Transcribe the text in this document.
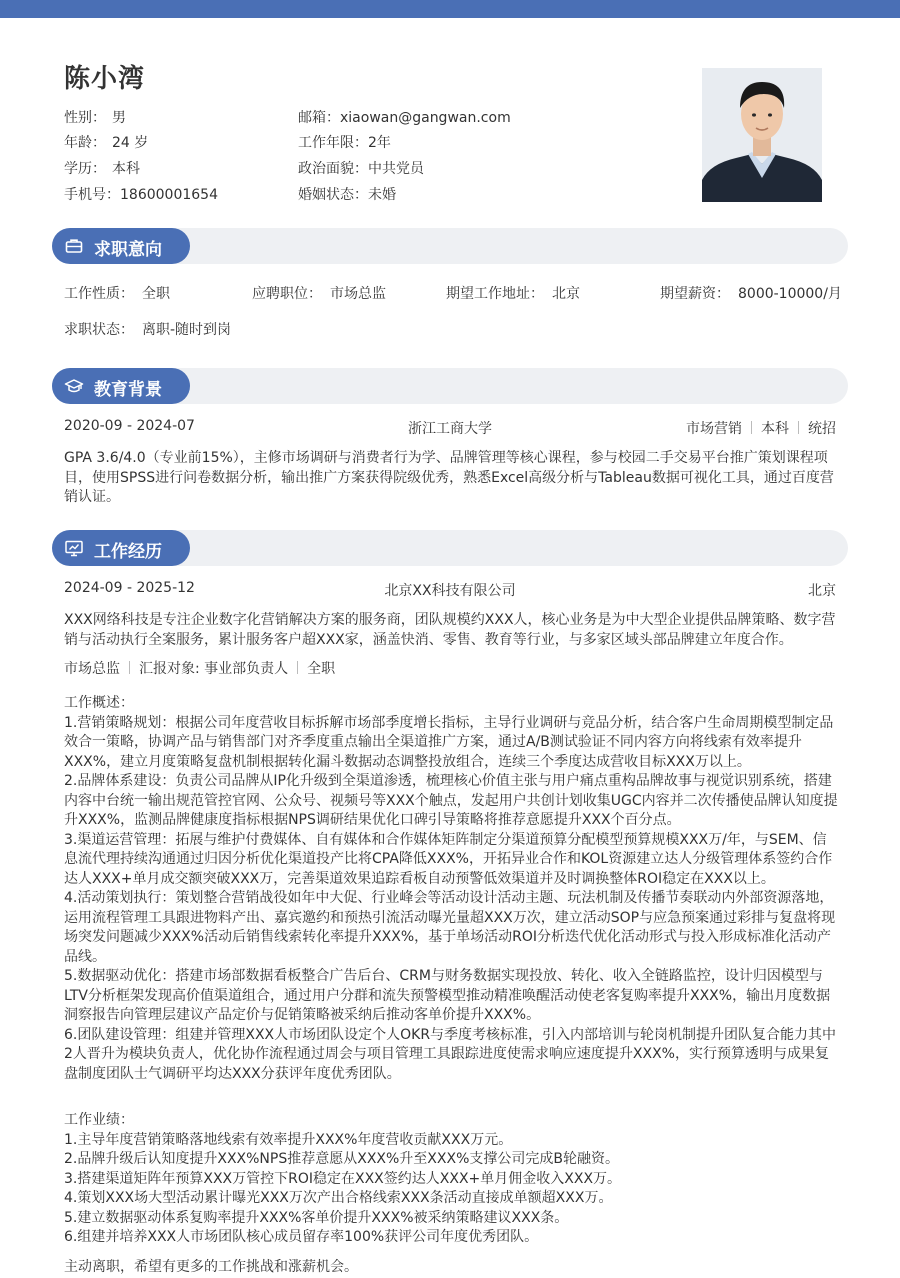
陈小湾
性别： 男
年龄： 24 岁
学历： 本科
手机号：18600001654
邮箱：xiaowan@gangwan.com
工作年限：2年
政治面貌：中共党员
婚姻状态：未婚
求职意向
工作性质： 全职	应聘职位： 市场总监	期望工作地址： 北京	期望薪资： 8000-10000/月
求职状态： 离职-随时到岗
教育背景
2020-09 - 2024-07	浙江工商大学	市场营销 本科 统招
GPA 3.6/4.0（专业前15%），主修市场调研与消费者行为学、品牌管理等核心课程，参与校园二手交易平台推广策划课程项
目，使用SPSS进行问卷数据分析，输出推广方案获得院级优秀，熟悉Excel高级分析与Tableau数据可视化工具，通过百度营
销认证。
工作经历
2024-09 - 2025-12	北京XX科技有限公司	北京
XXX网络科技是专注企业数字化营销解决方案的服务商，团队规模约XXX人，核心业务是为中大型企业提供品牌策略、数字营
销与活动执行全案服务，累计服务客户超XXX家，涵盖快消、零售、教育等行业，与多家区域头部品牌建立年度合作。
市场总监 汇报对象: 事业部负责人 全职
工作概述：
1.营销策略规划：根据公司年度营收目标拆解市场部季度增长指标，主导行业调研与竞品分析，结合客户生命周期模型制定品
效合一策略，协调产品与销售部门对齐季度重点输出全渠道推广方案，通过A/B测试验证不同内容方向将线索有效率提升
XXX%，建立月度策略复盘机制根据转化漏斗数据动态调整投放组合，连续三个季度达成营收目标XXX万以上。
2.品牌体系建设：负责公司品牌从IP化升级到全渠道渗透，梳理核心价值主张与用户痛点重构品牌故事与视觉识别系统，搭建
内容中台统一输出规范管控官网、公众号、视频号等XXX个触点，发起用户共创计划收集UGC内容并二次传播使品牌认知度提
升XXX%，监测品牌健康度指标根据NPS调研结果优化口碑引导策略将推荐意愿提升XXX个百分点。
3.渠道运营管理：拓展与维护付费媒体、自有媒体和合作媒体矩阵制定分渠道预算分配模型预算规模XXX万/年，与SEM、信
息流代理持续沟通通过归因分析优化渠道投产比将CPA降低XXX%，开拓异业合作和KOL资源建立达人分级管理体系签约合作
达人XXX+单月成交额突破XXX万，完善渠道效果追踪看板自动预警低效渠道并及时调换整体ROI稳定在XXX以上。
4.活动策划执行：策划整合营销战役如年中大促、行业峰会等活动设计活动主题、玩法机制及传播节奏联动内外部资源落地，
运用流程管理工具跟进物料产出、嘉宾邀约和预热引流活动曝光量超XXX万次，建立活动SOP与应急预案通过彩排与复盘将现
场突发问题减少XXX%活动后销售线索转化率提升XXX%，基于单场活动ROI分析迭代优化活动形式与投入形成标准化活动产
品线。
5.数据驱动优化：搭建市场部数据看板整合广告后台、CRM与财务数据实现投放、转化、收入全链路监控，设计归因模型与
LTV分析框架发现高价值渠道组合，通过用户分群和流失预警模型推动精准唤醒活动使老客复购率提升XXX%，输出月度数据
洞察报告向管理层建议产品定价与促销策略被采纳后推动客单价提升XXX%。
6.团队建设管理：组建并管理XXX人市场团队设定个人OKR与季度考核标准，引入内部培训与轮岗机制提升团队复合能力其中
2人晋升为模块负责人，优化协作流程通过周会与项目管理工具跟踪进度使需求响应速度提升XXX%，实行预算透明与成果复
盘制度团队士气调研平均达XXX分获评年度优秀团队。
工作业绩：
1.主导年度营销策略落地线索有效率提升XXX%年度营收贡献XXX万元。
2.品牌升级后认知度提升XXX%NPS推荐意愿从XXX%升至XXX%支撑公司完成B轮融资。
3.搭建渠道矩阵年预算XXX万管控下ROI稳定在XXX签约达人XXX+单月佣金收入XXX万。
4.策划XXX场大型活动累计曝光XXX万次产出合格线索XXX条活动直接成单额超XXX万。
5.建立数据驱动体系复购率提升XXX%客单价提升XXX%被采纳策略建议XXX条。
6.组建并培养XXX人市场团队核心成员留存率100%获评公司年度优秀团队。
主动离职，希望有更多的工作挑战和涨薪机会。
